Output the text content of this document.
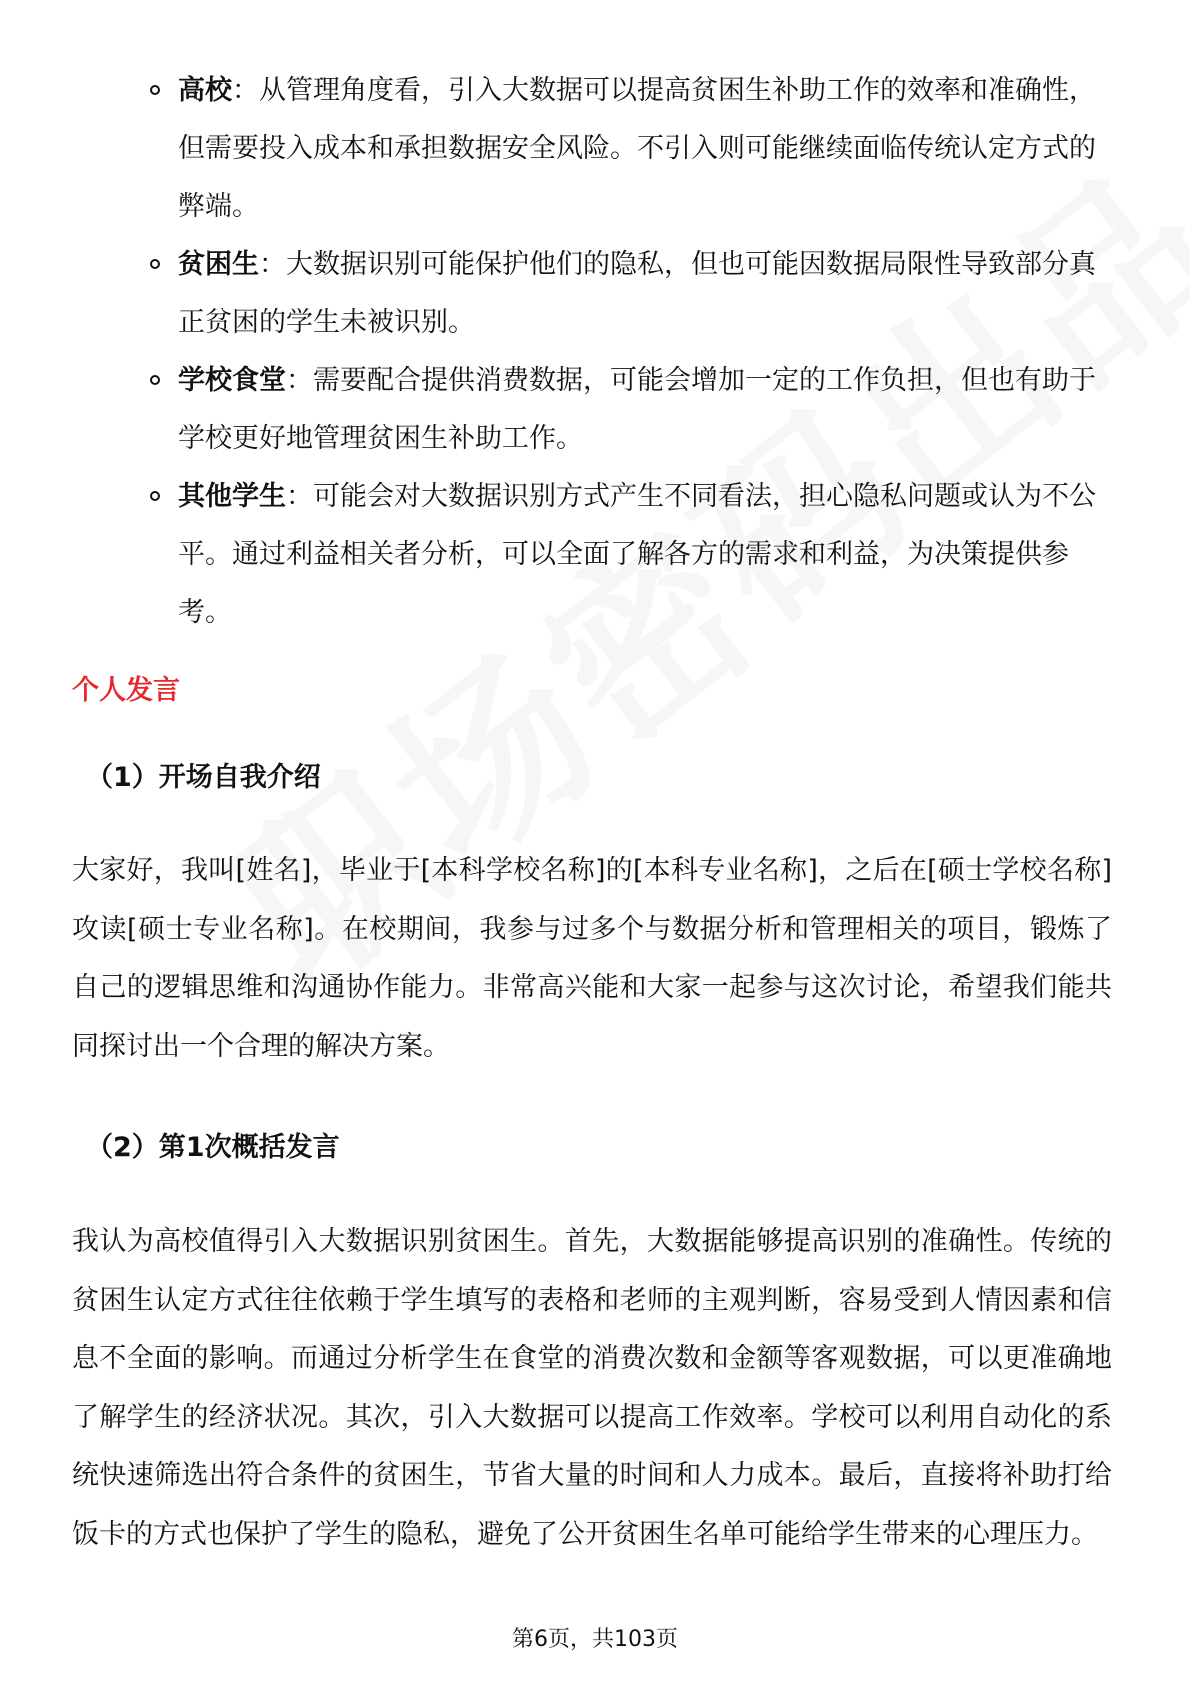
高校：从管理角度看，引入大数据可以提高贫困生补助工作的效率和准确性，但需要投入成本和承担数据安全风险。不引入则可能继续面临传统认定方式的弊端。
贫困生：大数据识别可能保护他们的隐私，但也可能因数据局限性导致部分真正贫困的学生未被识别。
学校食堂：需要配合提供消费数据，可能会增加一定的工作负担，但也有助于学校更好地管理贫困生补助工作。
其他学生：可能会对大数据识别方式产生不同看法，担心隐私问题或认为不公平。通过利益相关者分析，可以全面了解各方的需求和利益，为决策提供参考。
个人发言
（1）开场自我介绍

大家好，我叫[姓名]，毕业于[本科学校名称]的[本科专业名称]，之后在[硕士学校名称]攻读[硕士专业名称]。在校期间，我参与过多个与数据分析和管理相关的项目，锻炼了自己的逻辑思维和沟通协作能力。非常高兴能和大家一起参与这次讨论，希望我们能共同探讨出一个合理的解决方案。

（2）第1次概括发言

我认为高校值得引入大数据识别贫困生。首先，大数据能够提高识别的准确性。传统的贫困生认定方式往往依赖于学生填写的表格和老师的主观判断，容易受到人情因素和信息不全面的影响。而通过分析学生在食堂的消费次数和金额等客观数据，可以更准确地了解学生的经济状况。其次，引入大数据可以提高工作效率。学校可以利用自动化的系统快速筛选出符合条件的贫困生，节省大量的时间和人力成本。最后，直接将补助打给饭卡的方式也保护了学生的隐私，避免了公开贫困生名单可能给学生带来的心理压力。

第6页，共103页
